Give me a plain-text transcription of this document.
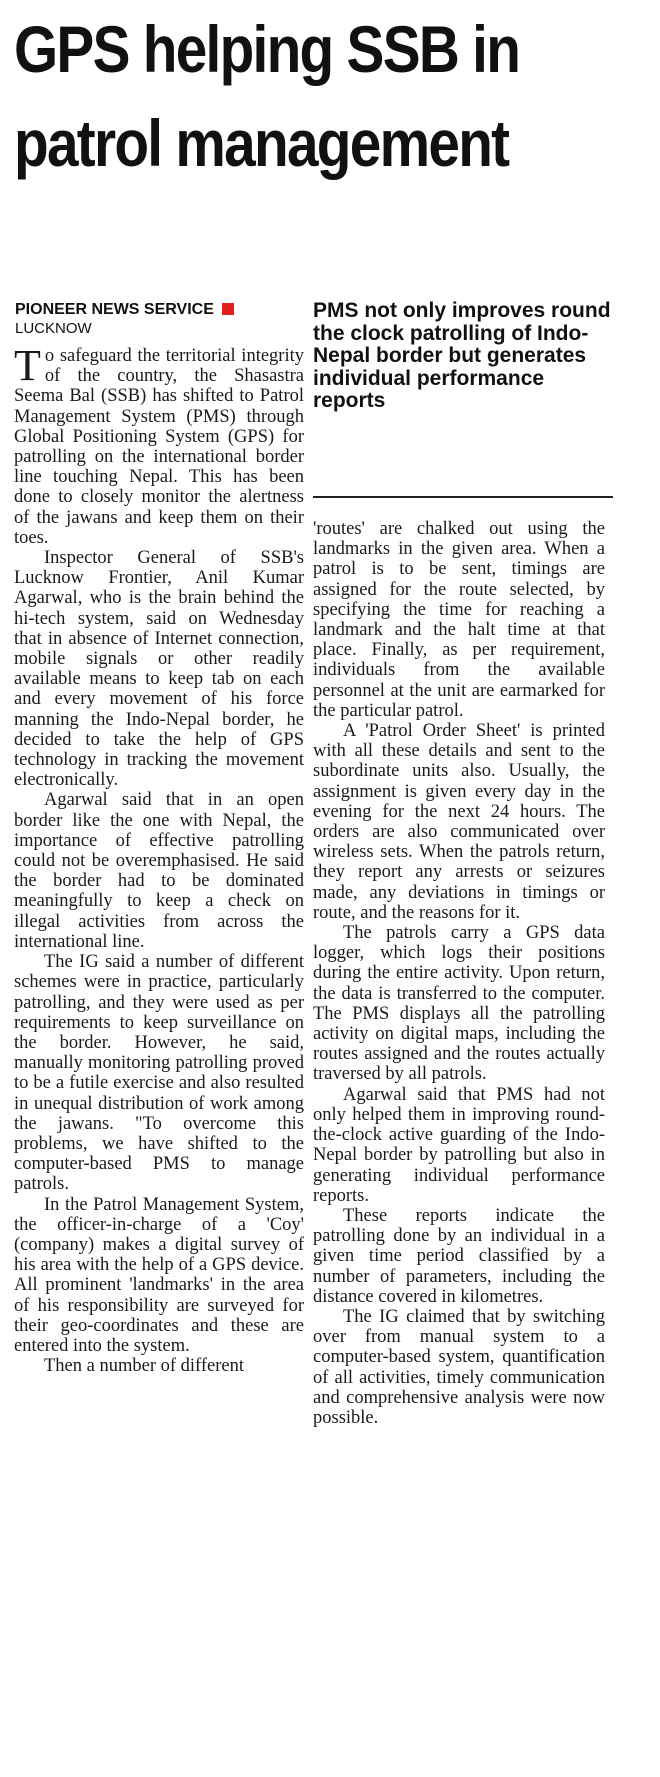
GPS helping SSB in patrol management
PIONEER NEWS SERVICE
LUCKNOW

To safeguard the territorial integrity of the country, the Shasastra Seema Bal (SSB) has shifted to Patrol Management System (PMS) through Global Positioning System (GPS) for patrolling on the international border line touching Nepal. This has been done to closely monitor the alertness of the jawans and keep them on their toes.

Inspector General of SSB's Lucknow Frontier, Anil Kumar Agarwal, who is the brain behind the hi-tech system, said on Wednesday that in absence of Internet connection, mobile signals or other readily available means to keep tab on each and every movement of his force manning the Indo-Nepal border, he decided to take the help of GPS technology in tracking the movement electronically.

Agarwal said that in an open border like the one with Nepal, the importance of effective patrolling could not be overemphasised. He said the border had to be dominated meaningfully to keep a check on illegal activities from across the international line.

The IG said a number of different schemes were in practice, particularly patrolling, and they were used as per requirements to keep surveillance on the border. However, he said, manually monitoring patrolling proved to be a futile exercise and also resulted in unequal distribution of work among the jawans. "To overcome this problems, we have shifted to the computer-based PMS to manage patrols.

In the Patrol Management System, the officer-in-charge of a 'Coy' (company) makes a digital survey of his area with the help of a GPS device. All prominent 'landmarks' in the area of his responsibility are surveyed for their geo-coordinates and these are entered into the system.

Then a number of different

PMS not only improves round the clock patrolling of Indo-Nepal border but generates individual performance reports

'routes' are chalked out using the landmarks in the given area. When a patrol is to be sent, timings are assigned for the route selected, by specifying the time for reaching a landmark and the halt time at that place. Finally, as per requirement, individuals from the available personnel at the unit are earmarked for the particular patrol.

A 'Patrol Order Sheet' is printed with all these details and sent to the subordinate units also. Usually, the assignment is given every day in the evening for the next 24 hours. The orders are also communicated over wireless sets. When the patrols return, they report any arrests or seizures made, any deviations in timings or route, and the reasons for it.

The patrols carry a GPS data logger, which logs their positions during the entire activity. Upon return, the data is transferred to the computer. The PMS displays all the patrolling activity on digital maps, including the routes assigned and the routes actually traversed by all patrols.

Agarwal said that PMS had not only helped them in improving round-the-clock active guarding of the Indo-Nepal border by patrolling but also in generating individual performance reports.

These reports indicate the patrolling done by an individual in a given time period classified by a number of parameters, including the distance covered in kilometres.

The IG claimed that by switching over from manual system to a computer-based system, quantification of all activities, timely communication and comprehensive analysis were now possible.
